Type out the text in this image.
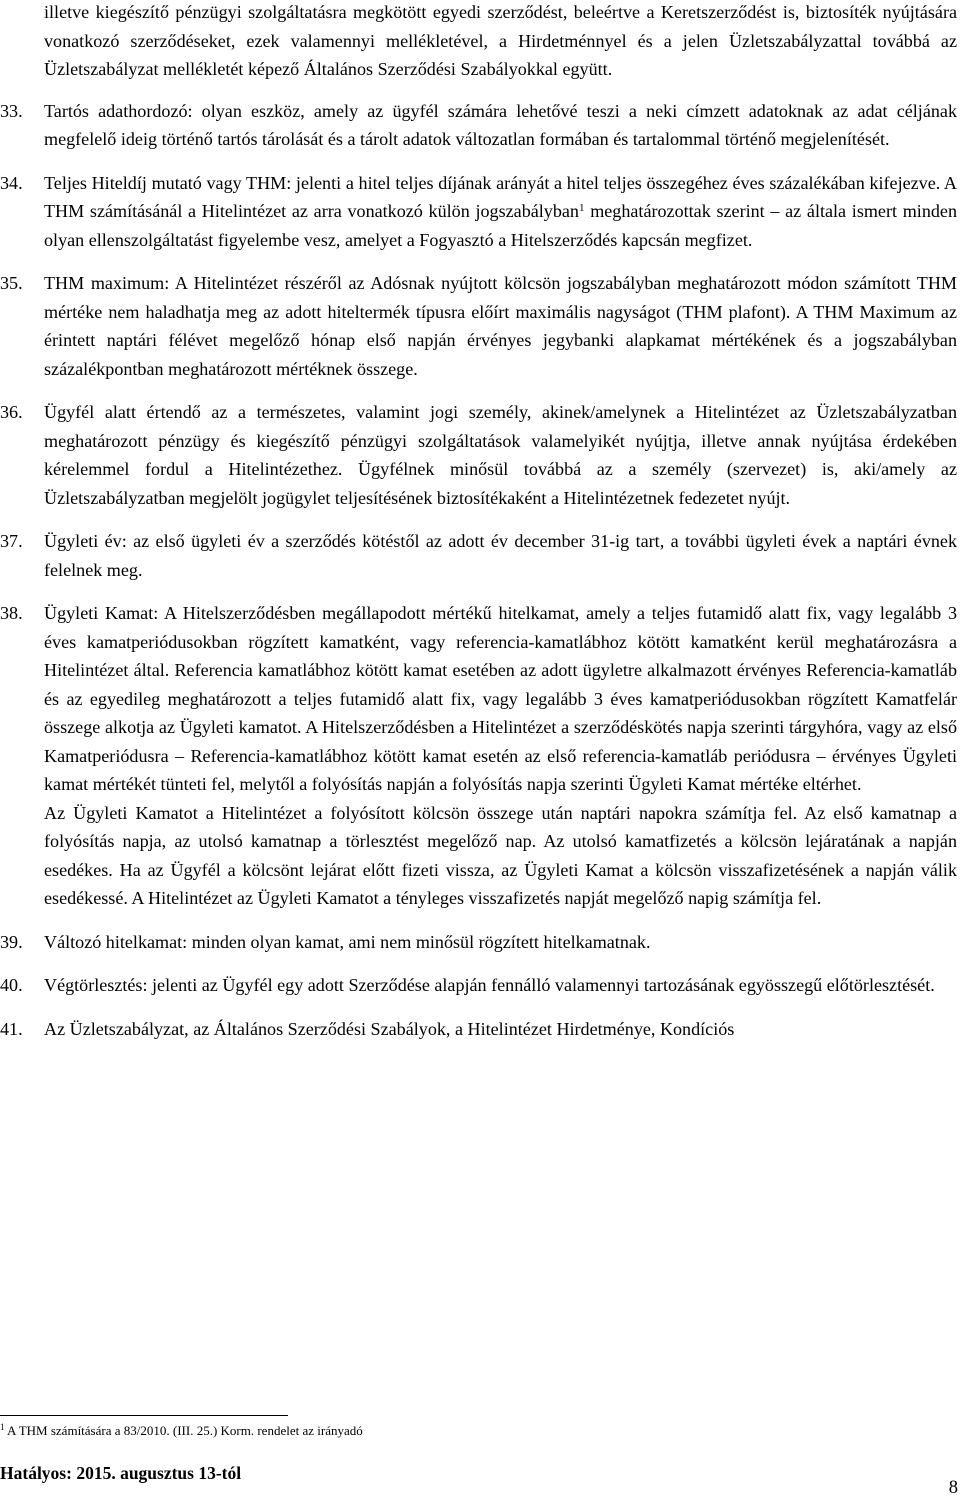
illetve kiegészítő pénzügyi szolgáltatásra megkötött egyedi szerződést, beleértve a Keretszerződést is, biztosíték nyújtására vonatkozó szerződéseket, ezek valamennyi mellékletével, a Hirdetménnyel és a jelen Üzletszabályzattal továbbá az Üzletszabályzat mellékletét képező Általános Szerződési Szabályokkal együtt.

33.	Tartós adathordozó: olyan eszköz, amely az ügyfél számára lehetővé teszi a neki címzett adatoknak az adat céljának megfelelő ideig történő tartós tárolását és a tárolt adatok változatlan formában és tartalommal történő megjelenítését.

34.	Teljes Hiteldíj mutató vagy THM: jelenti a hitel teljes díjának arányát a hitel teljes összegéhez éves százalékában kifejezve. A THM számításánál a Hitelintézet az arra vonatkozó külön jogszabályban$^1$ meghatározottak szerint – az általa ismert minden olyan ellenszolgáltatást figyelembe vesz, amelyet a Fogyasztó a Hitelszerződés kapcsán megfizet.

35.	THM maximum: A Hitelintézet részéről az Adósnak nyújtott kölcsön jogszabályban meghatározott módon számított THM mértéke nem haladhatja meg az adott hiteltermék típusra előírt maximális nagyságot (THM plafont). A THM Maximum az érintett naptári félévet megelőző hónap első napján érvényes jegybanki alapkamat mértékének és a jogszabályban százalékpontban meghatározott mértéknek összege.

36.	Ügyfél alatt értendő az a természetes, valamint jogi személy, akinek/amelynek a Hitelintézet az Üzletszabályzatban meghatározott pénzügy és kiegészítő pénzügyi szolgáltatások valamelyikét nyújtja, illetve annak nyújtása érdekében kérelemmel fordul a Hitelintézethez. Ügyfélnek minősül továbbá az a személy (szervezet) is, aki/amely az Üzletszabályzatban megjelölt jogügylet teljesítésének biztosítékaként a Hitelintézetnek fedezetet nyújt.

37.	Ügyleti év: az első ügyleti év a szerződés kötéstől az adott év december 31-ig tart, a további ügyleti évek a naptári évnek felelnek meg.

38.	Ügyleti Kamat: A Hitelszerződésben megállapodott mértékű hitelkamat, amely a teljes futamidő alatt fix, vagy legalább 3 éves kamatperiódusokban rögzített kamatként, vagy referencia-kamatlábhoz kötött kamatként kerül meghatározásra a Hitelintézet által. Referencia kamatlábhoz kötött kamat esetében az adott ügyletre alkalmazott érvényes Referencia-kamatláb és az egyedileg meghatározott a teljes futamidő alatt fix, vagy legalább 3 éves kamatperiódusokban rögzített Kamatfelár összege alkotja az Ügyleti kamatot. A Hitelszerződésben a Hitelintézet a szerződéskötés napja szerinti tárgyhóra, vagy az első Kamatperiódusra – Referencia-kamatlábhoz kötött kamat esetén az első referencia-kamatláb periódusra – érvényes Ügyleti kamat mértékét tünteti fel, melytől a folyósítás napján a folyósítás napja szerinti Ügyleti Kamat mértéke eltérhet.

Az Ügyleti Kamatot a Hitelintézet a folyósított kölcsön összege után naptári napokra számítja fel. Az első kamatnap a folyósítás napja, az utolsó kamatnap a törlesztést megelőző nap. Az utolsó kamatfizetés a kölcsön lejáratának a napján esedékes. Ha az Ügyfél a kölcsönt lejárat előtt fizeti vissza, az Ügyleti Kamat a kölcsön visszafizetésének a napján válik esedékessé. A Hitelintézet az Ügyleti Kamatot a tényleges visszafizetés napját megelőző napig számítja fel.

39.	Változó hitelkamat: minden olyan kamat, ami nem minősül rögzített hitelkamatnak.

40.	Végtörlesztés: jelenti az Ügyfél egy adott Szerződése alapján fennálló valamennyi tartozásának egyösszegű előtörlesztését.

41.	Az Üzletszabályzat, az Általános Szerződési Szabályok, a Hitelintézet Hirdetménye, Kondíciós

$^1$ A THM számítására a 83/2010. (III. 25.) Korm. rendelet az irányadó
Hatályos: 2015. augusztus 13-tól
8
